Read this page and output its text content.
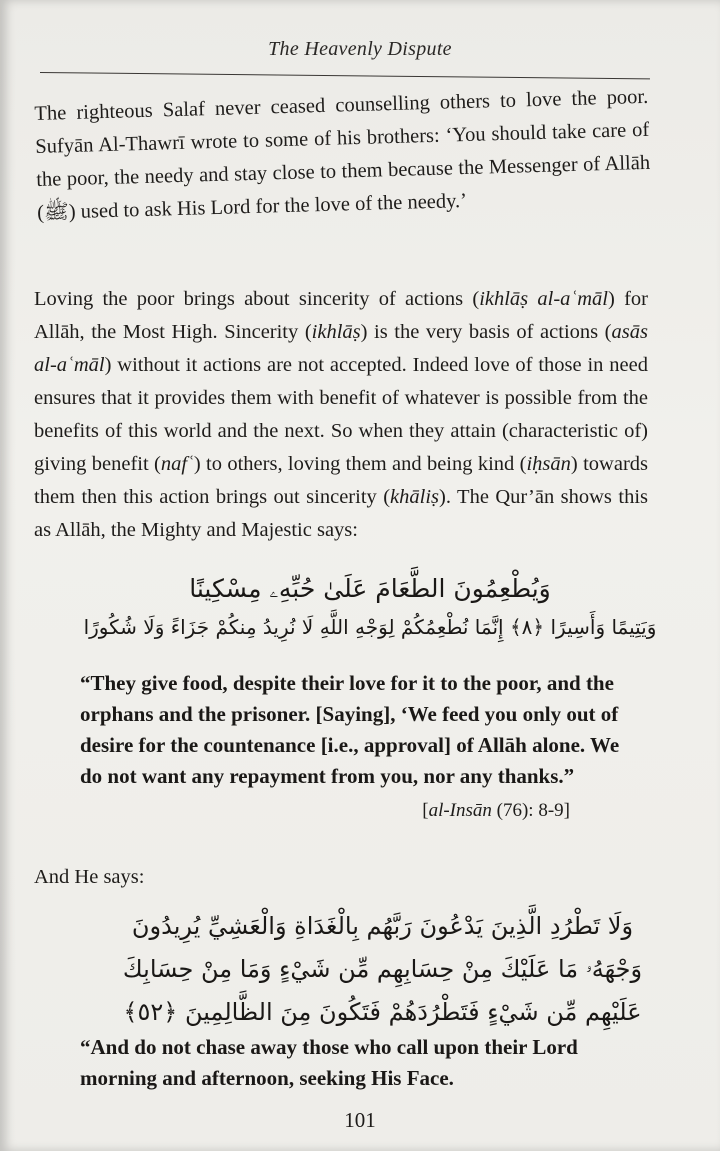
The Heavenly Dispute
The righteous Salaf never ceased counselling others to love the poor. Sufyān Al-Thawrī wrote to some of his brothers: ‘You should take care of the poor, the needy and stay close to them because the Messenger of Allāh (ﷺ) used to ask His Lord for the love of the needy.’
Loving the poor brings about sincerity of actions (ikhlāṣ al-aʿmāl) for Allāh, the Most High. Sincerity (ikhlāṣ) is the very basis of actions (asās al-aʿmāl) without it actions are not accepted. Indeed love of those in need ensures that it provides them with benefit of whatever is possible from the benefits of this world and the next. So when they attain (characteristic of) giving benefit (nafʿ) to others, loving them and being kind (iḥsān) towards them then this action brings out sincerity (khāliṣ). The Qur’ān shows this as Allāh, the Mighty and Majestic says:
وَيُطْعِمُونَ الطَّعَامَ عَلَىٰ حُبِّهِۦ مِسْكِينًا
وَيَتِيمًا وَأَسِيرًا ﴿٨﴾ إِنَّمَا نُطْعِمُكُمْ لِوَجْهِ اللَّهِ لَا نُرِيدُ مِنكُمْ جَزَاءً وَلَا شُكُورًا
“They give food, despite their love for it to the poor, and the orphans and the prisoner. [Saying], ‘We feed you only out of desire for the countenance [i.e., approval] of Allāh alone. We do not want any repayment from you, nor any thanks.”
[al-Insān (76): 8-9]
And He says:
وَلَا تَطْرُدِ الَّذِينَ يَدْعُونَ رَبَّهُم بِالْغَدَاةِ وَالْعَشِيِّ يُرِيدُونَ
وَجْهَهُۥ مَا عَلَيْكَ مِنْ حِسَابِهِم مِّن شَيْءٍ وَمَا مِنْ حِسَابِكَ
عَلَيْهِم مِّن شَيْءٍ فَتَطْرُدَهُمْ فَتَكُونَ مِنَ الظَّالِمِينَ ﴿٥٢﴾
“And do not chase away those who call upon their Lord morning and afternoon, seeking His Face.
101
